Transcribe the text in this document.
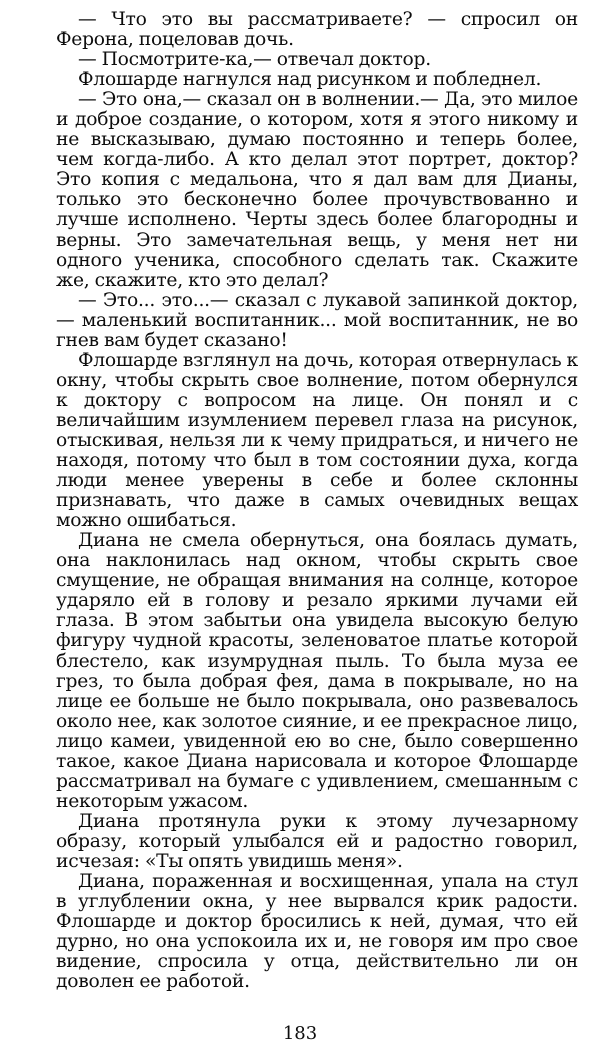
— Что это вы рассматриваете? — спросил он Ферона, поцеловав дочь.

— Посмотрите-ка,— отвечал доктор.

Флошарде нагнулся над рисунком и побледнел.

— Это она,— сказал он в волнении.— Да, это милое и доброе создание, о котором, хотя я этого никому и не высказываю, думаю постоянно и теперь более, чем когда-либо. А кто делал этот портрет, доктор? Это копия с медальона, что я дал вам для Дианы, только это бесконечно более прочувствованно и лучше исполнено. Черты здесь более благородны и верны. Это замечательная вещь, у меня нет ни одного ученика, способного сделать так. Скажите же, скажите, кто это делал?

— Это... это...— сказал с лукавой запинкой доктор,— маленький воспитанник... мой воспитанник, не во гнев вам будет сказано!

Флошарде взглянул на дочь, которая отвернулась к окну, чтобы скрыть свое волнение, потом обернулся к доктору с вопросом на лице. Он понял и с величайшим изумлением перевел глаза на рисунок, отыскивая, нельзя ли к чему придраться, и ничего не находя, потому что был в том состоянии духа, когда люди менее уверены в себе и более склонны признавать, что даже в самых очевидных вещах можно ошибаться.

Диана не смела обернуться, она боялась думать, она наклонилась над окном, чтобы скрыть свое смущение, не обращая внимания на солнце, которое ударяло ей в голову и резало яркими лучами ей глаза. В этом забытьи она увидела высокую белую фигуру чудной красоты, зеленоватое платье которой блестело, как изумрудная пыль. То была муза ее грез, то была добрая фея, дама в покрывале, но на лице ее больше не было покрывала, оно развевалось около нее, как золотое сияние, и ее прекрасное лицо, лицо камеи, увиденной ею во сне, было совершенно такое, какое Диана нарисовала и которое Флошарде рассматривал на бумаге с удивлением, смешанным с некоторым ужасом.

Диана протянула руки к этому лучезарному образу, который улыбался ей и радостно говорил, исчезая: «Ты опять увидишь меня».

Диана, пораженная и восхищенная, упала на стул в углублении окна, у нее вырвался крик радости. Флошарде и доктор бросились к ней, думая, что ей дурно, но она успокоила их и, не говоря им про свое видение, спросила у отца, действительно ли он доволен ее работой.

183
